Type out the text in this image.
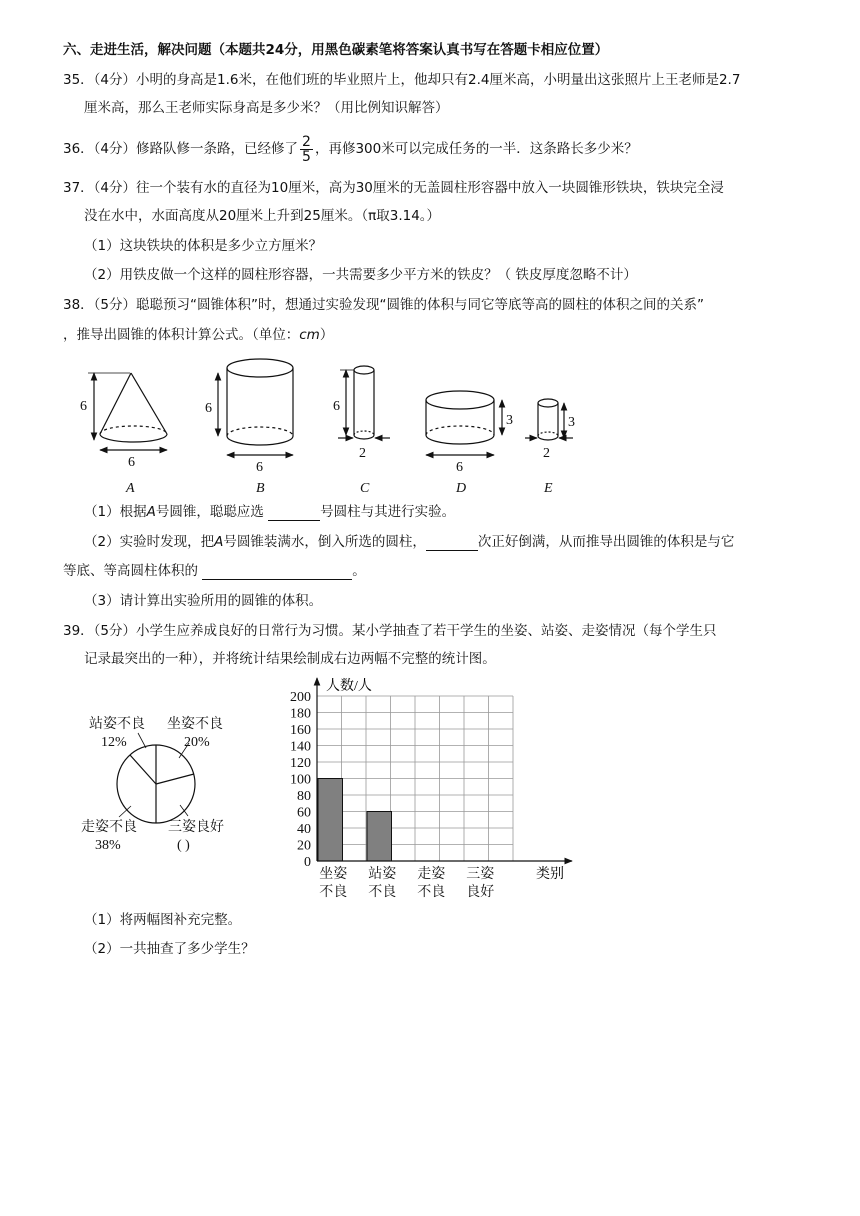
六、走进生活，解决问题（本题共24分，用黑色碳素笔将答案认真书写在答题卡相应位置）
35．（4分）小明的身高是1.6米，在他们班的毕业照片上，他却只有2.4厘米高，小明量出这张照片上王老师是2.7
厘米高，那么王老师实际身高是多少米？（用比例知识解答）
36．（4分）修路队修一条路，已经修了 $\frac{2}{5}$ ，再修300米可以完成任务的一半．这条路长多少米？
37．（4分）往一个装有水的直径为10厘米，高为30厘米的无盖圆柱形容器中放入一块圆锥形铁块，铁块完全浸
没在水中，水面高度从20厘米上升到25厘米。（π取3.14。）
（1）这块铁块的体积是多少立方厘米？
（2）用铁皮做一个这样的圆柱形容器，一共需要多少平方米的铁皮？（ 铁皮厚度忽略不计）
38．（5分）聪聪预习“圆锥体积”时，想通过实验发现“圆锥的体积与同它等底等高的圆柱的体积之间的关系”
，推导出圆锥的体积计算公式。（单位：cm）
6
6
A
6
6
B
6
2
C
3
6
D
3
2
E
（1）根据A号圆锥，聪聪应选	号圆柱与其进行实验。
（2）实验时发现，把A号圆锥装满水，倒入所选的圆柱，	次正好倒满，从而推导出圆锥的体积是与它
等底、等高圆柱体积的	。
（3）请计算出实验所用的圆锥的体积。
39．（5分）小学生应养成良好的日常行为习惯。某小学抽查了若干学生的坐姿、站姿、走姿情况（每个学生只
记录最突出的一种），并将统计结果绘制成右边两幅不完整的统计图。
站姿不良
12%
坐姿不良
20%
走姿不良
38%
三姿良好
( )
0
20
40
60
80
100
120
140
160
180
200
坐姿
不良
站姿
不良
走姿
不良
三姿
良好
人数/人
类别
（1）将两幅图补充完整。
（2）一共抽查了多少学生？
